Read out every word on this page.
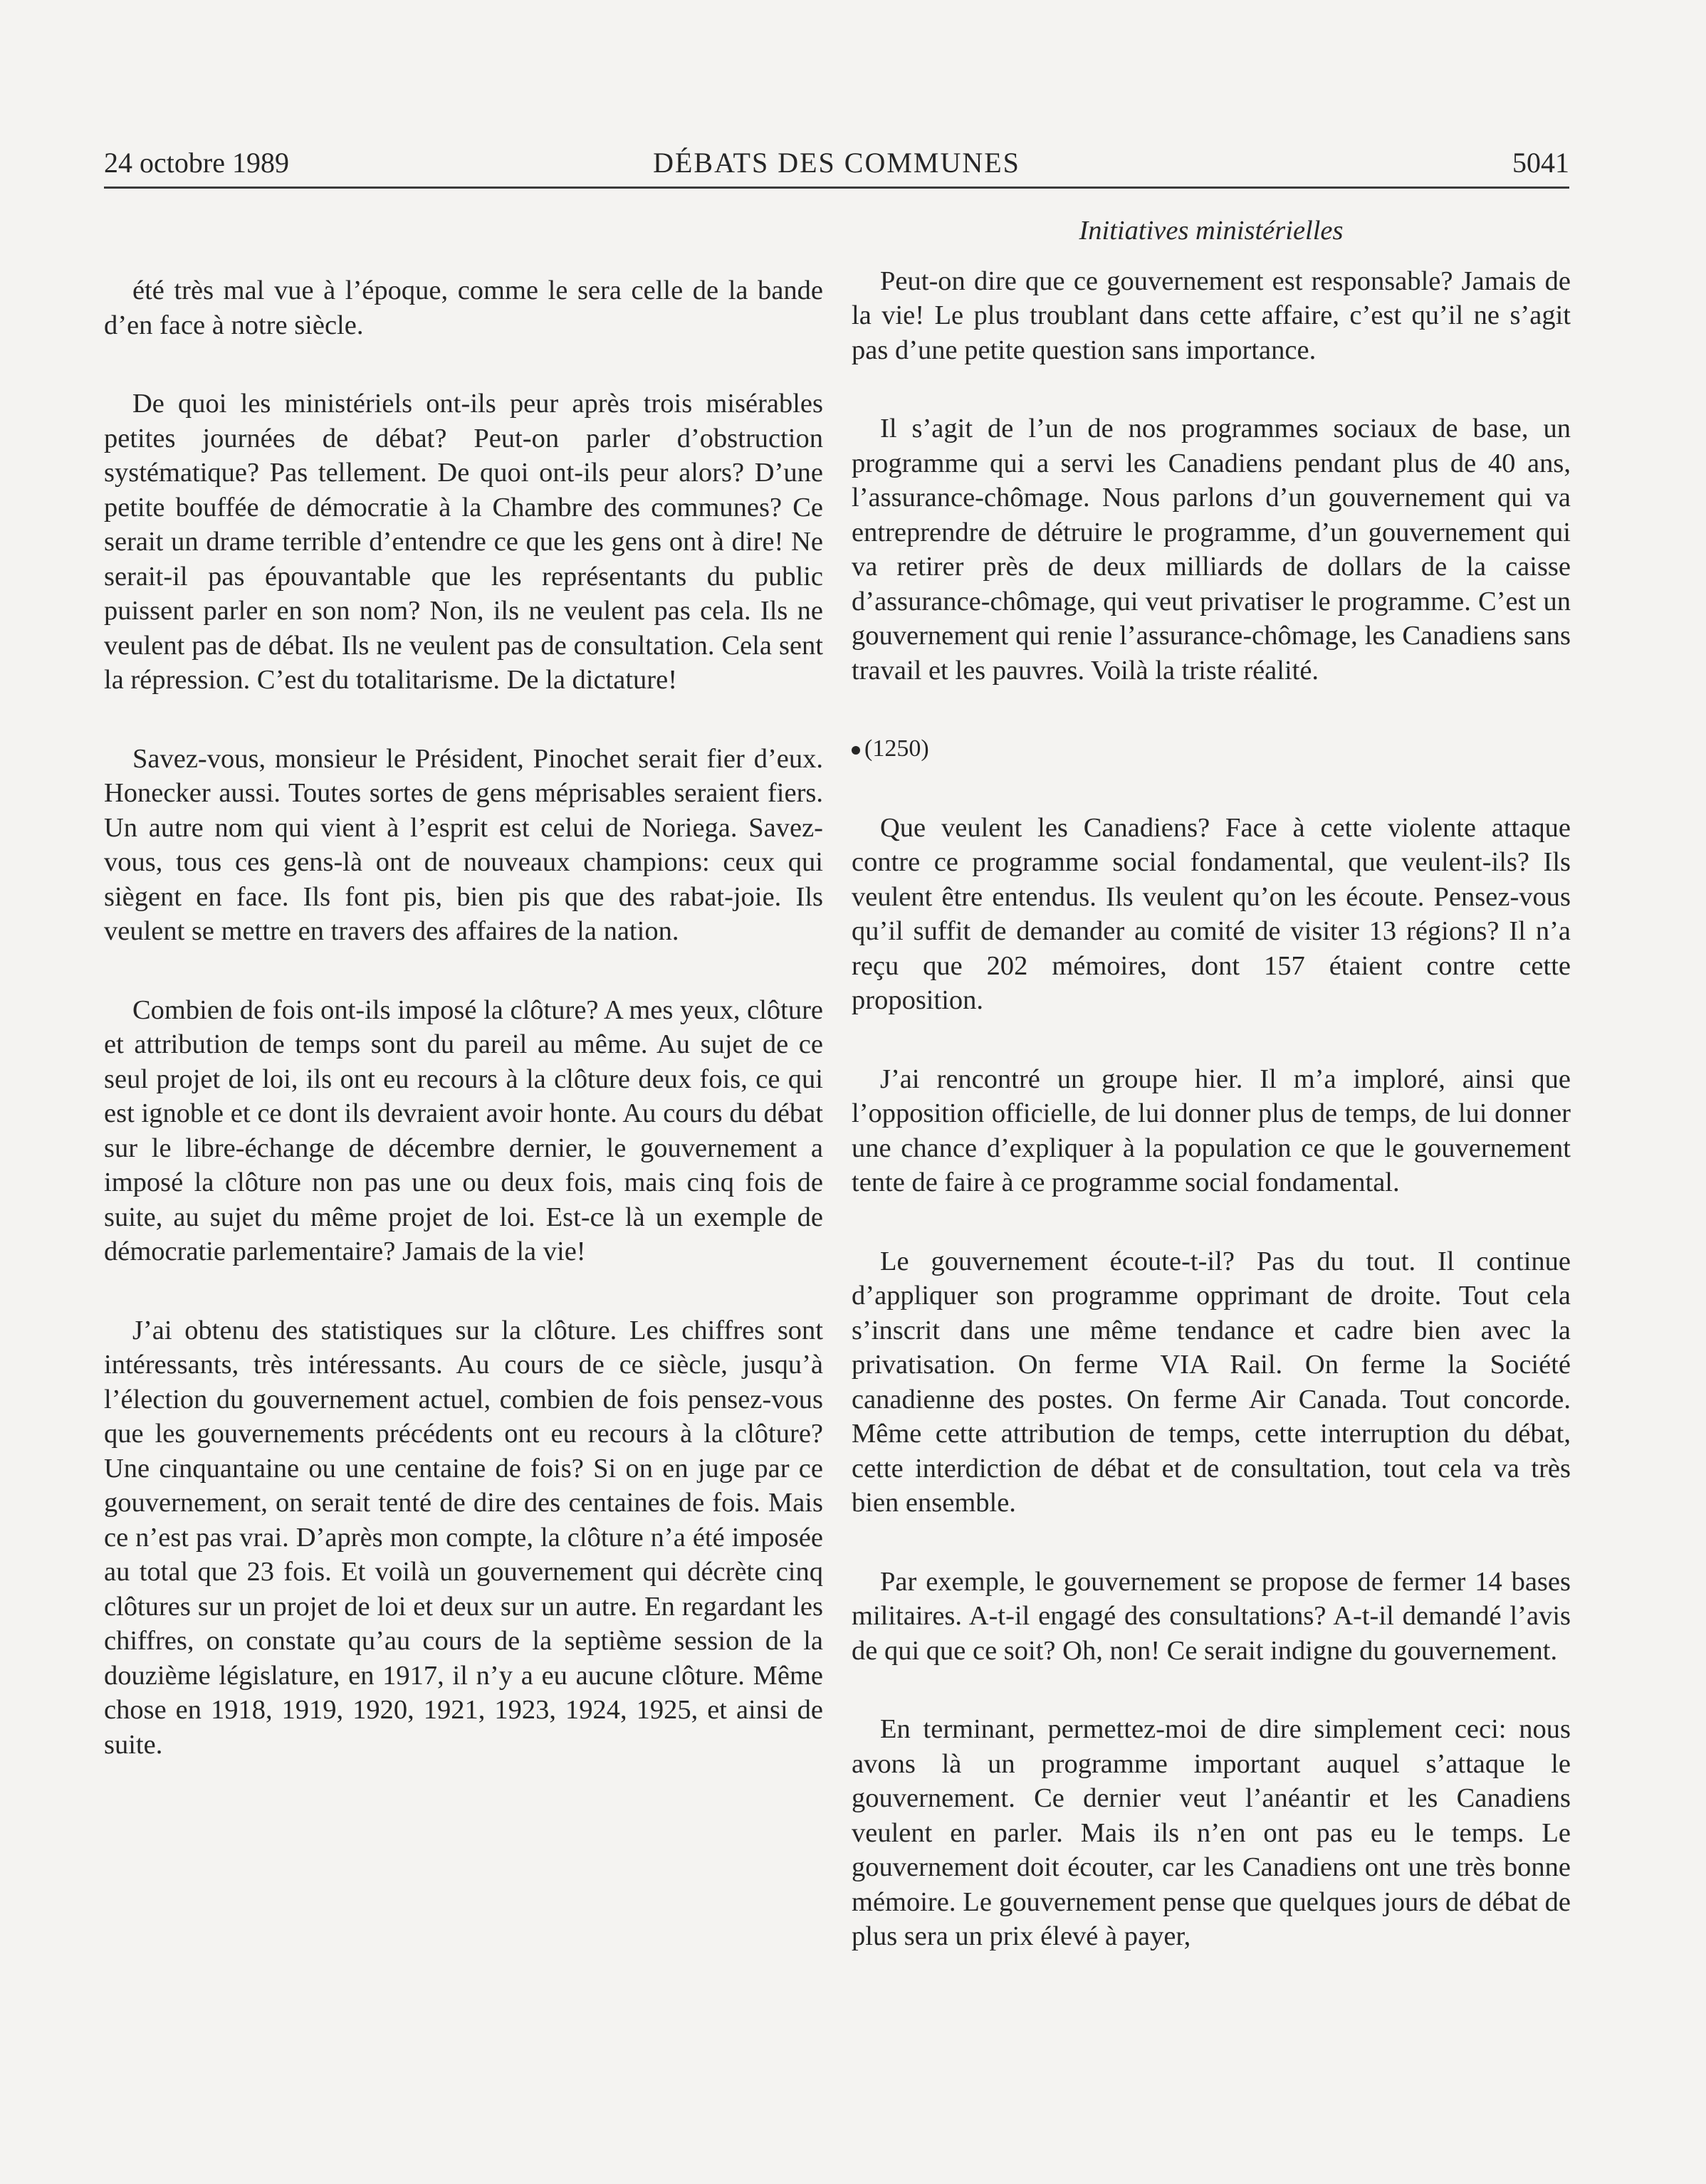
24 octobre 1989	DÉBATS DES COMMUNES	5041

été très mal vue à l’époque, comme le sera celle de la bande d’en face à notre siècle.

De quoi les ministériels ont-ils peur après trois misérables petites journées de débat? Peut-on parler d’obstruction systématique? Pas tellement. De quoi ont-ils peur alors? D’une petite bouffée de démocratie à la Chambre des communes? Ce serait un drame terrible d’entendre ce que les gens ont à dire! Ne serait-il pas épouvantable que les représentants du public puissent parler en son nom? Non, ils ne veulent pas cela. Ils ne veulent pas de débat. Ils ne veulent pas de consultation. Cela sent la répression. C’est du totalitarisme. De la dictature!

Savez-vous, monsieur le Président, Pinochet serait fier d’eux. Honecker aussi. Toutes sortes de gens méprisables seraient fiers. Un autre nom qui vient à l’esprit est celui de Noriega. Savez-vous, tous ces gens-là ont de nouveaux champions: ceux qui siègent en face. Ils font pis, bien pis que des rabat-joie. Ils veulent se mettre en travers des affaires de la nation.

Combien de fois ont-ils imposé la clôture? A mes yeux, clôture et attribution de temps sont du pareil au même. Au sujet de ce seul projet de loi, ils ont eu recours à la clôture deux fois, ce qui est ignoble et ce dont ils devraient avoir honte. Au cours du débat sur le libre-échange de décembre dernier, le gouvernement a imposé la clôture non pas une ou deux fois, mais cinq fois de suite, au sujet du même projet de loi. Est-ce là un exemple de démocratie parlementaire? Jamais de la vie!

J’ai obtenu des statistiques sur la clôture. Les chiffres sont intéressants, très intéressants. Au cours de ce siècle, jusqu’à l’élection du gouvernement actuel, combien de fois pensez-vous que les gouvernements précédents ont eu recours à la clôture? Une cinquantaine ou une centaine de fois? Si on en juge par ce gouvernement, on serait tenté de dire des centaines de fois. Mais ce n’est pas vrai. D’après mon compte, la clôture n’a été imposée au total que 23 fois. Et voilà un gouvernement qui décrète cinq clôtures sur un projet de loi et deux sur un autre. En regardant les chiffres, on constate qu’au cours de la septième session de la douzième législature, en 1917, il n’y a eu aucune clôture. Même chose en 1918, 1919, 1920, 1921, 1923, 1924, 1925, et ainsi de suite.

Initiatives ministérielles

Peut-on dire que ce gouvernement est responsable? Jamais de la vie! Le plus troublant dans cette affaire, c’est qu’il ne s’agit pas d’une petite question sans importance.

Il s’agit de l’un de nos programmes sociaux de base, un programme qui a servi les Canadiens pendant plus de 40 ans, l’assurance-chômage. Nous parlons d’un gouvernement qui va entreprendre de détruire le programme, d’un gouvernement qui va retirer près de deux milliards de dollars de la caisse d’assurance-chômage, qui veut privatiser le programme. C’est un gouvernement qui renie l’assurance-chômage, les Canadiens sans travail et les pauvres. Voilà la triste réalité.

(1250)

Que veulent les Canadiens? Face à cette violente attaque contre ce programme social fondamental, que veulent-ils? Ils veulent être entendus. Ils veulent qu’on les écoute. Pensez-vous qu’il suffit de demander au comité de visiter 13 régions? Il n’a reçu que 202 mémoires, dont 157 étaient contre cette proposition.

J’ai rencontré un groupe hier. Il m’a imploré, ainsi que l’opposition officielle, de lui donner plus de temps, de lui donner une chance d’expliquer à la population ce que le gouvernement tente de faire à ce programme social fondamental.

Le gouvernement écoute-t-il? Pas du tout. Il continue d’appliquer son programme opprimant de droite. Tout cela s’inscrit dans une même tendance et cadre bien avec la privatisation. On ferme VIA Rail. On ferme la Société canadienne des postes. On ferme Air Canada. Tout concorde. Même cette attribution de temps, cette interruption du débat, cette interdiction de débat et de consultation, tout cela va très bien ensemble.

Par exemple, le gouvernement se propose de fermer 14 bases militaires. A-t-il engagé des consultations? A-t-il demandé l’avis de qui que ce soit? Oh, non! Ce serait indigne du gouvernement.

En terminant, permettez-moi de dire simplement ceci: nous avons là un programme important auquel s’attaque le gouvernement. Ce dernier veut l’anéantir et les Canadiens veulent en parler. Mais ils n’en ont pas eu le temps. Le gouvernement doit écouter, car les Canadiens ont une très bonne mémoire. Le gouvernement pense que quelques jours de débat de plus sera un prix élevé à payer,
